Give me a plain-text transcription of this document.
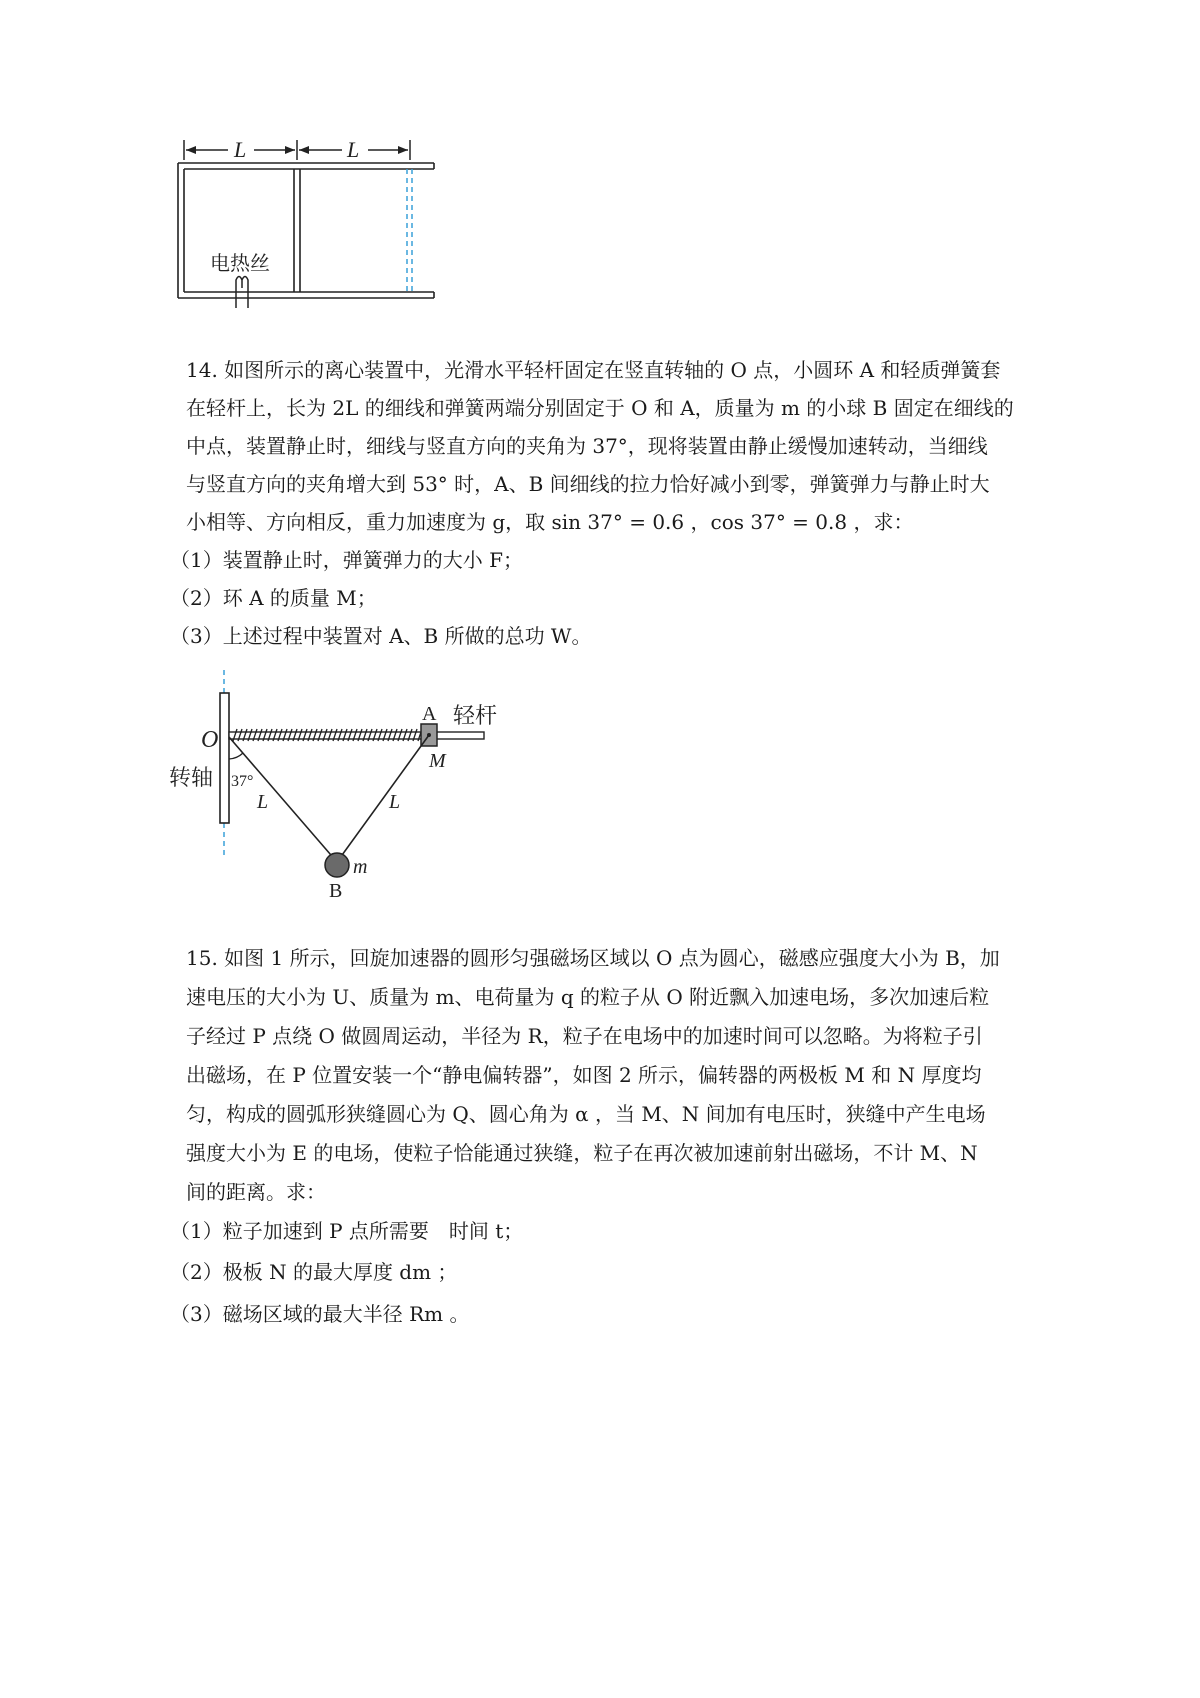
L	L
电热丝
14. 如图所示的离心装置中，光滑水平轻杆固定在竖直转轴的 O 点，小圆环 A 和轻质弹簧套
在轻杆上，长为 2L 的细线和弹簧两端分别固定于 O 和 A，质量为 m 的小球 B 固定在细线的
中点，装置静止时，细线与竖直方向的夹角为 37°，现将装置由静止缓慢加速转动，当细线
与竖直方向的夹角增大到 53° 时，A、B 间细线的拉力恰好减小到零，弹簧弹力与静止时大
小相等、方向相反，重力加速度为 g，取 sin 37° = 0.6 ，cos 37° = 0.8 ，求：
（1）装置静止时，弹簧弹力的大小 F；
（2）环 A 的质量 M；
（3）上述过程中装置对 A、B 所做的总功 W。
O
转轴 37°
A 轻杆
M
L	L
m
B
15. 如图 1 所示，回旋加速器的圆形匀强磁场区域以 O 点为圆心，磁感应强度大小为 B，加
速电压的大小为 U、质量为 m、电荷量为 q 的粒子从 O 附近飘入加速电场，多次加速后粒
子经过 P 点绕 O 做圆周运动，半径为 R，粒子在电场中的加速时间可以忽略。为将粒子引
出磁场，在 P 位置安装一个“静电偏转器”，如图 2 所示，偏转器的两极板 M 和 N 厚度均
匀，构成的圆弧形狭缝圆心为 Q、圆心角为 α ，当 M、N 间加有电压时，狭缝中产生电场
强度大小为 E 的电场，使粒子恰能通过狭缝，粒子在再次被加速前射出磁场，不计 M、N
间的距离。求：
（1）粒子加速到 P 点所需要　时间 t；
（2）极板 N 的最大厚度 dm ；
（3）磁场区域的最大半径 Rm 。
